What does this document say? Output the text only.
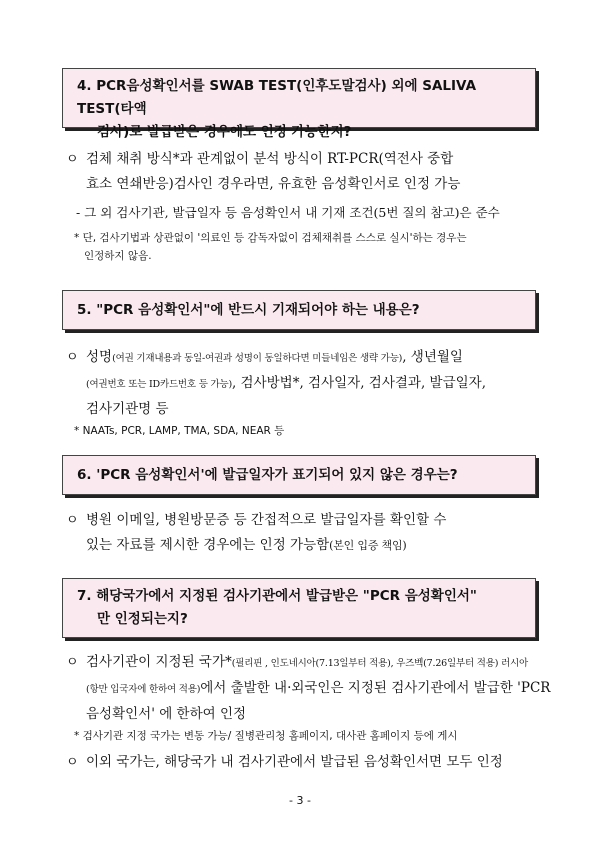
4. PCR음성확인서를 SWAB TEST(인후도말검사) 외에 SALIVA TEST(타액
검사)로 발급받은 경우에도 인정 가능한지?
ㅇ 검체 채취 방식*과 관계없이 분석 방식이 RT-PCR(역전사 중합
효소 연쇄반응)검사인 경우라면, 유효한 음성확인서로 인정 가능
- 그 외 검사기관, 발급일자 등 음성확인서 내 기재 조건(5번 질의 참고)은 준수
* 단, 검사기법과 상관없이 '의료인 등 감독자없이 검체채취를 스스로 실시'하는 경우는
인정하지 않음.
5. "PCR 음성확인서"에 반드시 기재되어야 하는 내용은?
ㅇ 성명(여권 기재내용과 동일-여권과 성명이 동일하다면 미들네임은 생략 가능), 생년월일
(여권번호 또는 ID카드번호 등 가능), 검사방법*, 검사일자, 검사결과, 발급일자,
검사기관명 등
* NAATs, PCR, LAMP, TMA, SDA, NEAR 등
6. 'PCR 음성확인서'에 발급일자가 표기되어 있지 않은 경우는?
ㅇ 병원 이메일, 병원방문증 등 간접적으로 발급일자를 확인할 수
있는 자료를 제시한 경우에는 인정 가능함(본인 입증 책임)
7. 해당국가에서 지정된 검사기관에서 발급받은 "PCR 음성확인서"
만 인정되는지?
ㅇ 검사기관이 지정된 국가*(필리핀 , 인도네시아(7.13일부터 적용), 우즈벡(7.26일부터 적용) 러시아
(항만 입국자에 한하여 적용)에서 출발한 내·외국인은 지정된 검사기관에서 발급한 'PCR
음성확인서' 에 한하여 인정
* 검사기관 지정 국가는 변동 가능/ 질병관리청 홈페이지, 대사관 홈페이지 등에 게시
ㅇ 이외 국가는, 해당국가 내 검사기관에서 발급된 음성확인서면 모두 인정
- 3 -
